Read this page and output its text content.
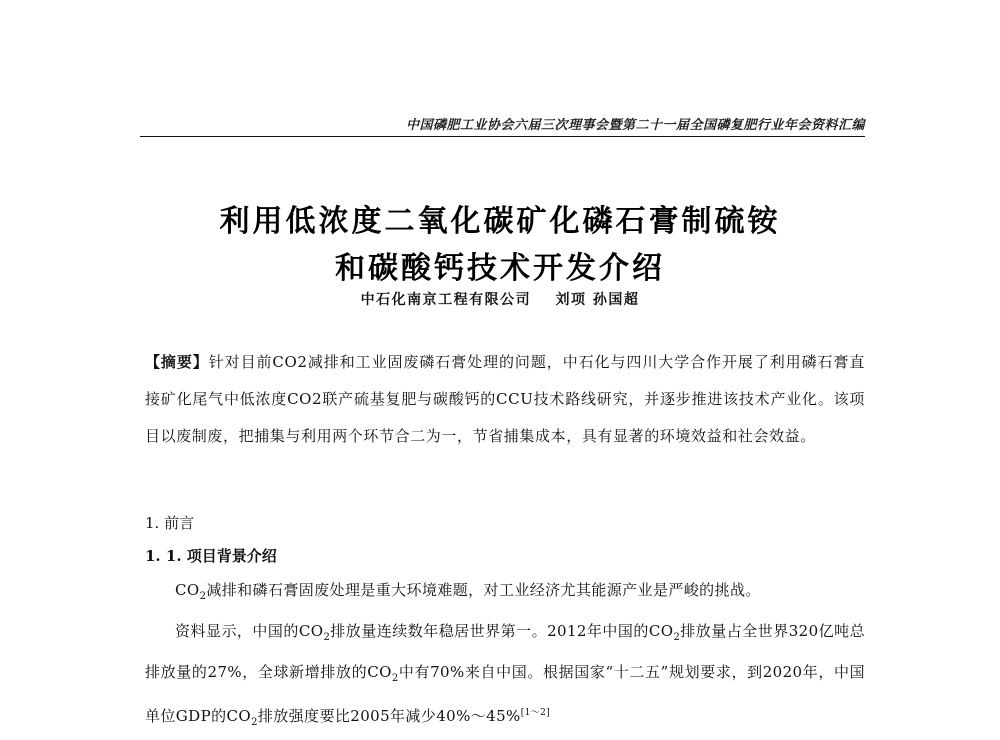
中国磷肥工业协会六届三次理事会暨第二十一届全国磷复肥行业年会资料汇编
利用低浓度二氧化碳矿化磷石膏制硫铵
和碳酸钙技术开发介绍
中石化南京工程有限公司 刘项 孙国超
【摘要】针对目前CO2减排和工业固废磷石膏处理的问题，中石化与四川大学合作开展了利用磷石膏直接矿化尾气中低浓度CO2联产硫基复肥与碳酸钙的CCU技术路线研究，并逐步推进该技术产业化。该项目以废制废，把捕集与利用两个环节合二为一，节省捕集成本，具有显著的环境效益和社会效益。
1. 前言
1. 1. 项目背景介绍

$CO_2$减排和磷石膏固废处理是重大环境难题，对工业经济尤其能源产业是严峻的挑战。

资料显示，中国的$CO_2$排放量连续数年稳居世界第一。2012年中国的$CO_2$排放量占全世界320亿吨总排放量的27%，全球新增排放的$CO_2$中有70%来自中国。根据国家“十二五”规划要求，到2020年，中国单位GDP的$CO_2$排放强度要比2005年减少40%～45%[1～2]
